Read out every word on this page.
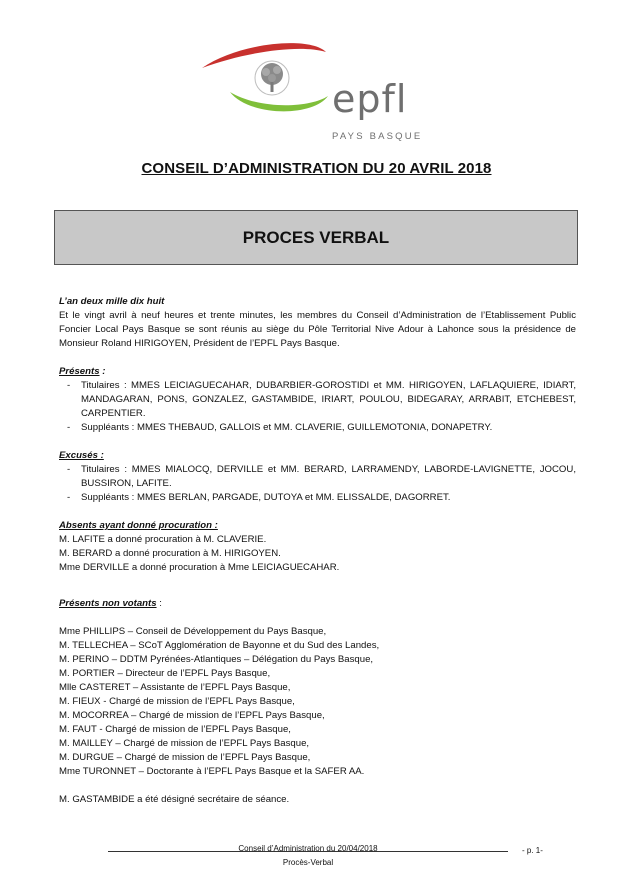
epfl
PAYS BASQUE
CONSEIL D’ADMINISTRATION DU 20 AVRIL 2018
PROCES VERBAL

L’an deux mille dix huit

Et le vingt avril à neuf heures et trente minutes, les membres du Conseil d’Administration de l’Etablissement Public Foncier Local Pays Basque se sont réunis au siège du Pôle Territorial Nive Adour à Lahonce sous la présidence de Monsieur Roland HIRIGOYEN, Président de l’EPFL Pays Basque.

Présents :

- Titulaires : MMES LEICIAGUECAHAR, DUBARBIER-GOROSTIDI et MM. HIRIGOYEN, LAFLAQUIERE, IDIART, MANDAGARAN, PONS, GONZALEZ, GASTAMBIDE, IRIART, POULOU, BIDEGARAY, ARRABIT, ETCHEBEST, CARPENTIER.
- Suppléants : MMES THEBAUD, GALLOIS et MM. CLAVERIE, GUILLEMOTONIA, DONAPETRY.

Excusés :

- Titulaires : MMES MIALOCQ, DERVILLE et MM. BERARD, LARRAMENDY, LABORDE-LAVIGNETTE, JOCOU, BUSSIRON, LAFITE.
- Suppléants : MMES BERLAN, PARGADE, DUTOYA et MM. ELISSALDE, DAGORRET.

Absents ayant donné procuration :

M. LAFITE a donné procuration à M. CLAVERIE.

M. BERARD a donné procuration à M. HIRIGOYEN.

Mme DERVILLE a donné procuration à Mme LEICIAGUECAHAR.

Présents non votants :

Mme PHILLIPS – Conseil de Développement du Pays Basque,

M. TELLECHEA – SCoT Agglomération de Bayonne et du Sud des Landes,

M. PERINO – DDTM Pyrénées-Atlantiques – Délégation du Pays Basque,

M. PORTIER – Directeur de l’EPFL Pays Basque,

Mlle CASTERET – Assistante de l’EPFL Pays Basque,

M. FIEUX - Chargé de mission de l’EPFL Pays Basque,

M. MOCORREA – Chargé de mission de l’EPFL Pays Basque,

M. FAUT - Chargé de mission de l’EPFL Pays Basque,

M. MAILLEY – Chargé de mission de l’EPFL Pays Basque,

M. DURGUE – Chargé de mission de l’EPFL Pays Basque,

Mme TURONNET – Doctorante à l’EPFL Pays Basque et la SAFER AA.

M. GASTAMBIDE a été désigné secrétaire de séance.

Conseil d’Administration du 20/04/2018
Procès-Verbal
- p. 1-
